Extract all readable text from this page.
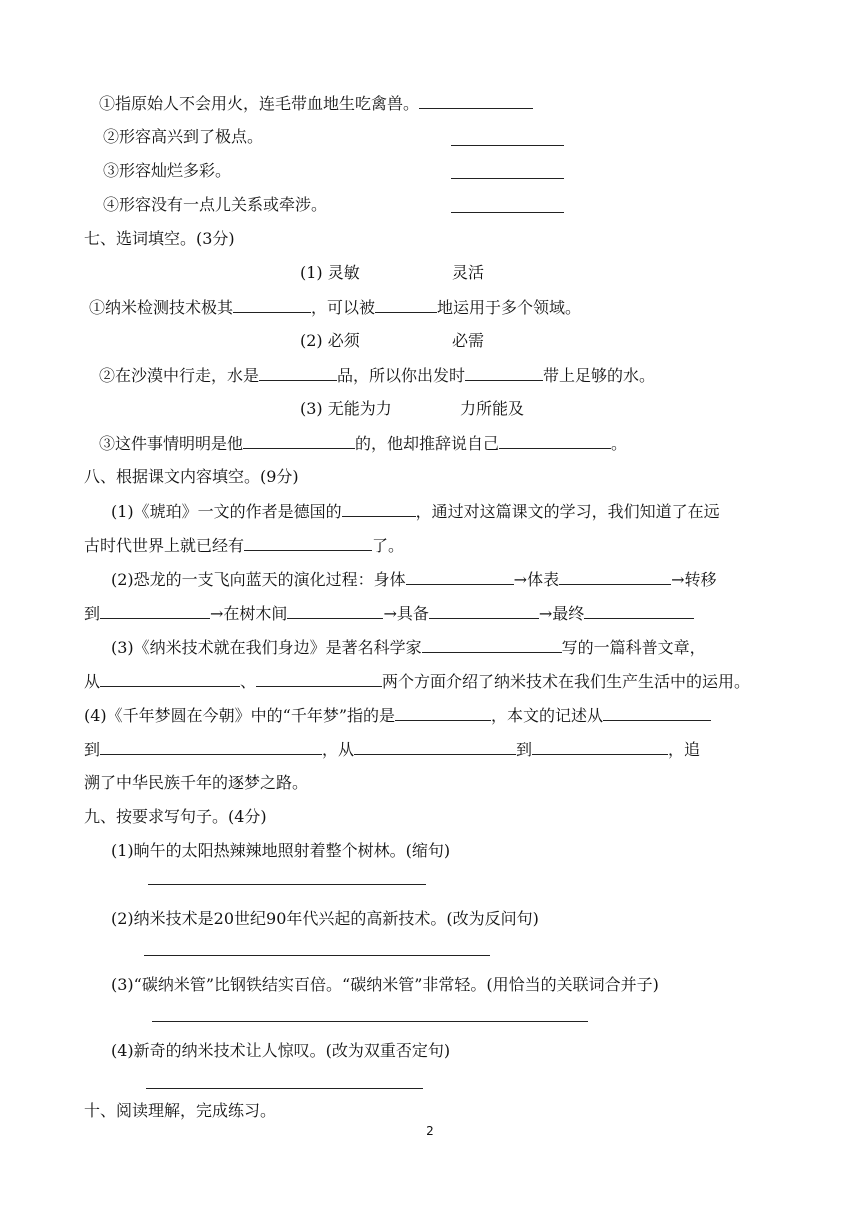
①指原始人不会用火，连毛带血地生吃禽兽。
②形容高兴到了极点。
③形容灿烂多彩。
④形容没有一点儿关系或牵涉。
七、选词填空。(3分)
(1) 灵敏	灵活
①纳米检测技术极其	，可以被	地运用于多个领域。
(2) 必须	必需
②在沙漠中行走，水是	品，所以你出发时	带上足够的水。
(3) 无能为力	力所能及
③这件事情明明是他	的，他却推辞说自己	。
八、根据课文内容填空。(9分)
(1)《琥珀》一文的作者是德国的	，通过对这篇课文的学习，我们知道了在远
古时代世界上就已经有	了。
(2)恐龙的一支飞向蓝天的演化过程：身体	→体表	→转移
到	→在树木间	→具备	→最终
(3)《纳米技术就在我们身边》是著名科学家	写的一篇科普文章，
从	、	两个方面介绍了纳米技术在我们生产生活中的运用。
(4)《千年梦圆在今朝》中的“千年梦”指的是	，本文的记述从
到	，从	到	，追
溯了中华民族千年的逐梦之路。
九、按要求写句子。(4分)
(1)晌午的太阳热辣辣地照射着整个树林。(缩句)
(2)纳米技术是20世纪90年代兴起的高新技术。(改为反问句)
(3)“碳纳米管”比钢铁结实百倍。“碳纳米管”非常轻。(用恰当的关联词合并子)
(4)新奇的纳米技术让人惊叹。(改为双重否定句)
十、阅读理解，完成练习。
2
